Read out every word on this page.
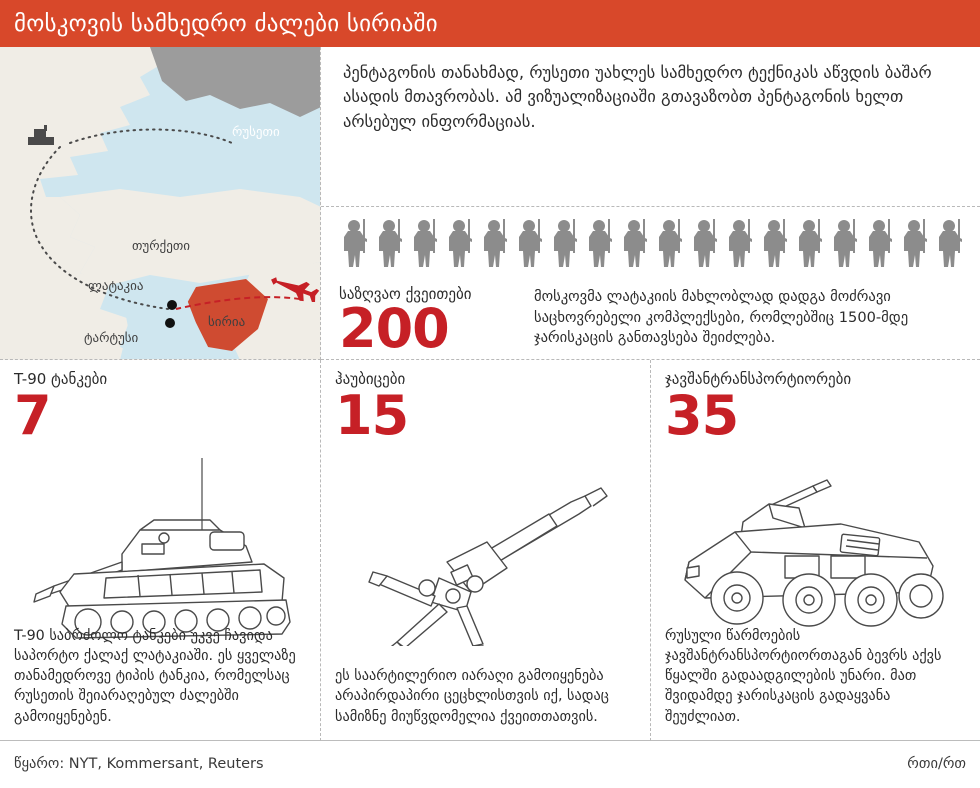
მოსკოვის სამხედრო ძალები სირიაში
რუსეთი
თურქეთი
ლატაკია
ტარტუსი
სირია
პენტაგონის თანახმად, რუსეთი უახლეს სამხედრო ტექნიკას აწვდის ბაშარ ასადის მთავრობას. ამ ვიზუალიზაციაში გთავაზობთ პენტაგონის ხელთ არსებულ ინფორმაციას.
საზღვაო ქვეითები
200
მოსკოვმა ლატაკიის მახლობლად დადგა მოძრავი საცხოვრებელი კომპლექსები, რომლებშიც 1500-მდე ჯარისკაცის განთავსება შეიძლება.
T-90 ტანკები
7
T-90 საბრძოლო ტანკები უკვე ჩავიდა საპორტო ქალაქ ლატაკიაში. ეს ყველაზე თანამედროვე ტიპის ტანკია, რომელსაც რუსეთის შეიარაღებულ ძალებში გამოიყენებენ.
ჰაუბიცები
15
ეს საარტილერიო იარაღი გამოიყენება არაპირდაპირი ცეცხლისთვის იქ, სადაც სამიზნე მიუწვდომელია ქვეითთათვის.
ჯავშანტრანსპორტიორები
35
რუსული წარმოების ჯავშანტრანსპორტიორთაგან ბევრს აქვს წყალში გადაადგილების უნარი. მათ შვიდამდე ჯარისკაცის გადაყვანა შეუძლიათ.
წყარო: NYT, Kommersant, Reuters	რთი/რთ
